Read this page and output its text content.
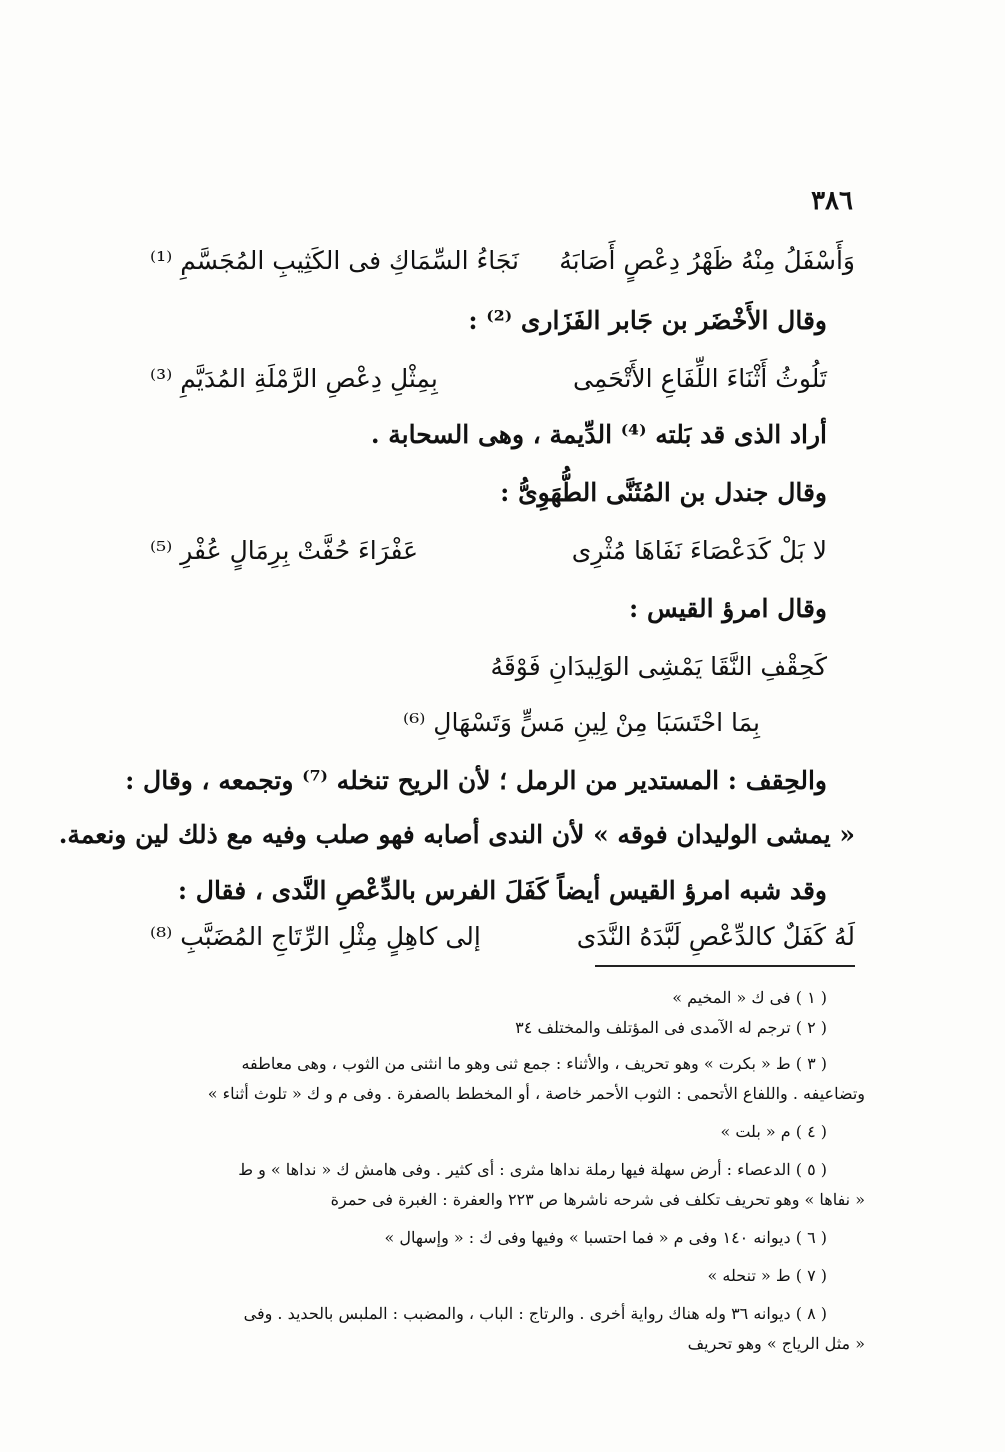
٣٨٦
وَأَسْفَلُ مِنْهُ ظَهْرُ دِعْصٍ أَصَابَهُ
نَجَاءُ السِّمَاكِ فى الكَثِيبِ المُجَسَّمِ ⁽¹⁾
وقال الأَخْضَر بن جَابر الفَزَارى ⁽²⁾ :
تَلُوثُ أَثْنَاءَ اللِّفَاعِ الأَتْحَمِى
بِمِثْلِ دِعْصِ الرَّمْلَةِ المُدَيَّمِ ⁽³⁾
أراد الذى قد بَلته ⁽⁴⁾ الدِّيمة ، وهى السحابة .
وقال جندل بن المُثَنَّى الطُّهَوِىُّ :
لا بَلْ كَدَعْصَاءَ نَفَاهَا مُثْرِى
عَفْرَاءَ حُفَّتْ بِرِمَالٍ عُفْرِ ⁽⁵⁾
وقال امرؤ القيس :
كَحِقْفِ النَّقَا يَمْشِى الوَلِيدَانِ فَوْقَهُ
بِمَا احْتَسَبَا مِنْ لِينِ مَسٍّ وَتَسْهَالِ ⁽⁶⁾
والحِقف : المستدير من الرمل ؛ لأن الريح تنخله ⁽⁷⁾ وتجمعه ، وقال :
« يمشى الوليدان فوقه » لأن الندى أصابه فهو صلب وفيه مع ذلك لين ونعمة.
وقد شبه امرؤ القيس أيضاً كَفَلَ الفرس بالدِّعْصِ النَّدى ، فقال :
لَهُ كَفَلٌ كالدِّعْصِ لَبَّدَهُ النَّدَى
إلى كاهِلٍ مِثْلِ الرِّتَاجِ المُضَبَّبِ ⁽⁸⁾
( ١ ) فى ك « المخيم »
( ٢ ) ترجم له الآمدى فى المؤتلف والمختلف ٣٤
( ٣ ) ط « بكرت » وهو تحريف ، والأثناء : جمع ثنى وهو ما انثنى من الثوب ، وهى معاطفه
وتضاعيفه . واللفاع الأتحمى : الثوب الأحمر خاصة ، أو المخطط بالصفرة . وفى م و ك « تلوث أثناء »
( ٤ ) م « بلت »
( ٥ ) الدعصاء : أرض سهلة فيها رملة نداها مثرى : أى كثير . وفى هامش ك « نداها » و ط
« نفاها » وهو تحريف تكلف فى شرحه ناشرها ص ٢٢٣ والعفرة : الغبرة فى حمرة
( ٦ ) ديوانه ١٤٠ وفى م « فما احتسبا » وفيها وفى ك : « وإسهال »
( ٧ ) ط « تنحله »
( ٨ ) ديوانه ٣٦ وله هناك رواية أخرى . والرتاج : الباب ، والمضبب : الملبس بالحديد . وفى
« مثل الرياج » وهو تحريف
